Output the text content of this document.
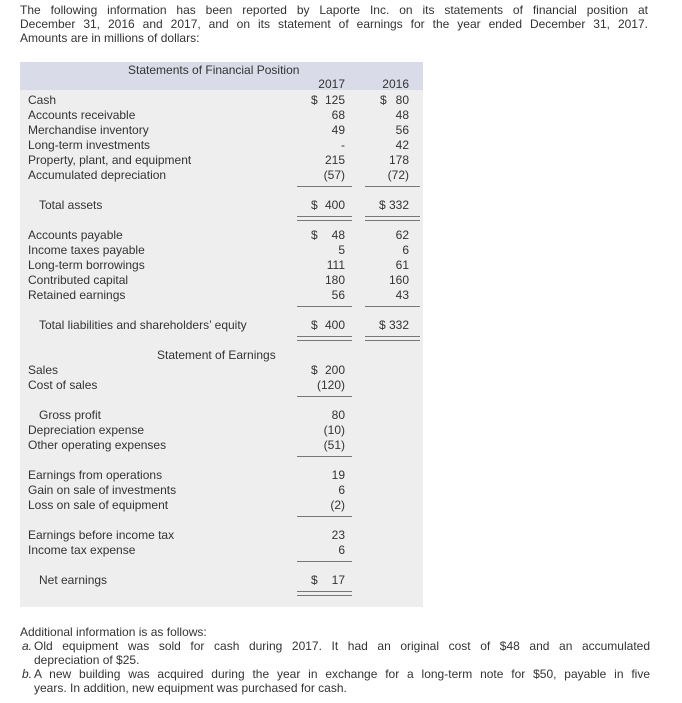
The following information has been reported by Laporte Inc. on its statements of financial position at
December 31, 2016 and 2017, and on its statement of earnings for the year ended December 31, 2017.
Amounts are in millions of dollars:
Statements of Financial Position
2017	2016
Cash	$ 125	$ 80
Accounts receivable	68	48
Merchandise inventory	49	56
Long-term investments	-	42
Property, plant, and equipment	215	178
Accumulated depreciation	(57)	(72)
Total assets	$ 400	$ 332
Accounts payable	$ 48	62
Income taxes payable	5	6
Long-term borrowings	111	61
Contributed capital	180	160
Retained earnings	56	43
Total liabilities and shareholders’ equity	$ 400	$ 332
Statement of Earnings
Sales	$ 200
Cost of sales	(120)
Gross profit	80
Depreciation expense	(10)
Other operating expenses	(51)
Earnings from operations	19
Gain on sale of investments	6
Loss on sale of equipment	(2)
Earnings before income tax	23
Income tax expense	6
Net earnings	$ 17
Additional information is as follows:
a. Old equipment was sold for cash during 2017. It had an original cost of $48 and an accumulated
depreciation of $25.
b. A new building was acquired during the year in exchange for a long-term note for $50, payable in five
years. In addition, new equipment was purchased for cash.
